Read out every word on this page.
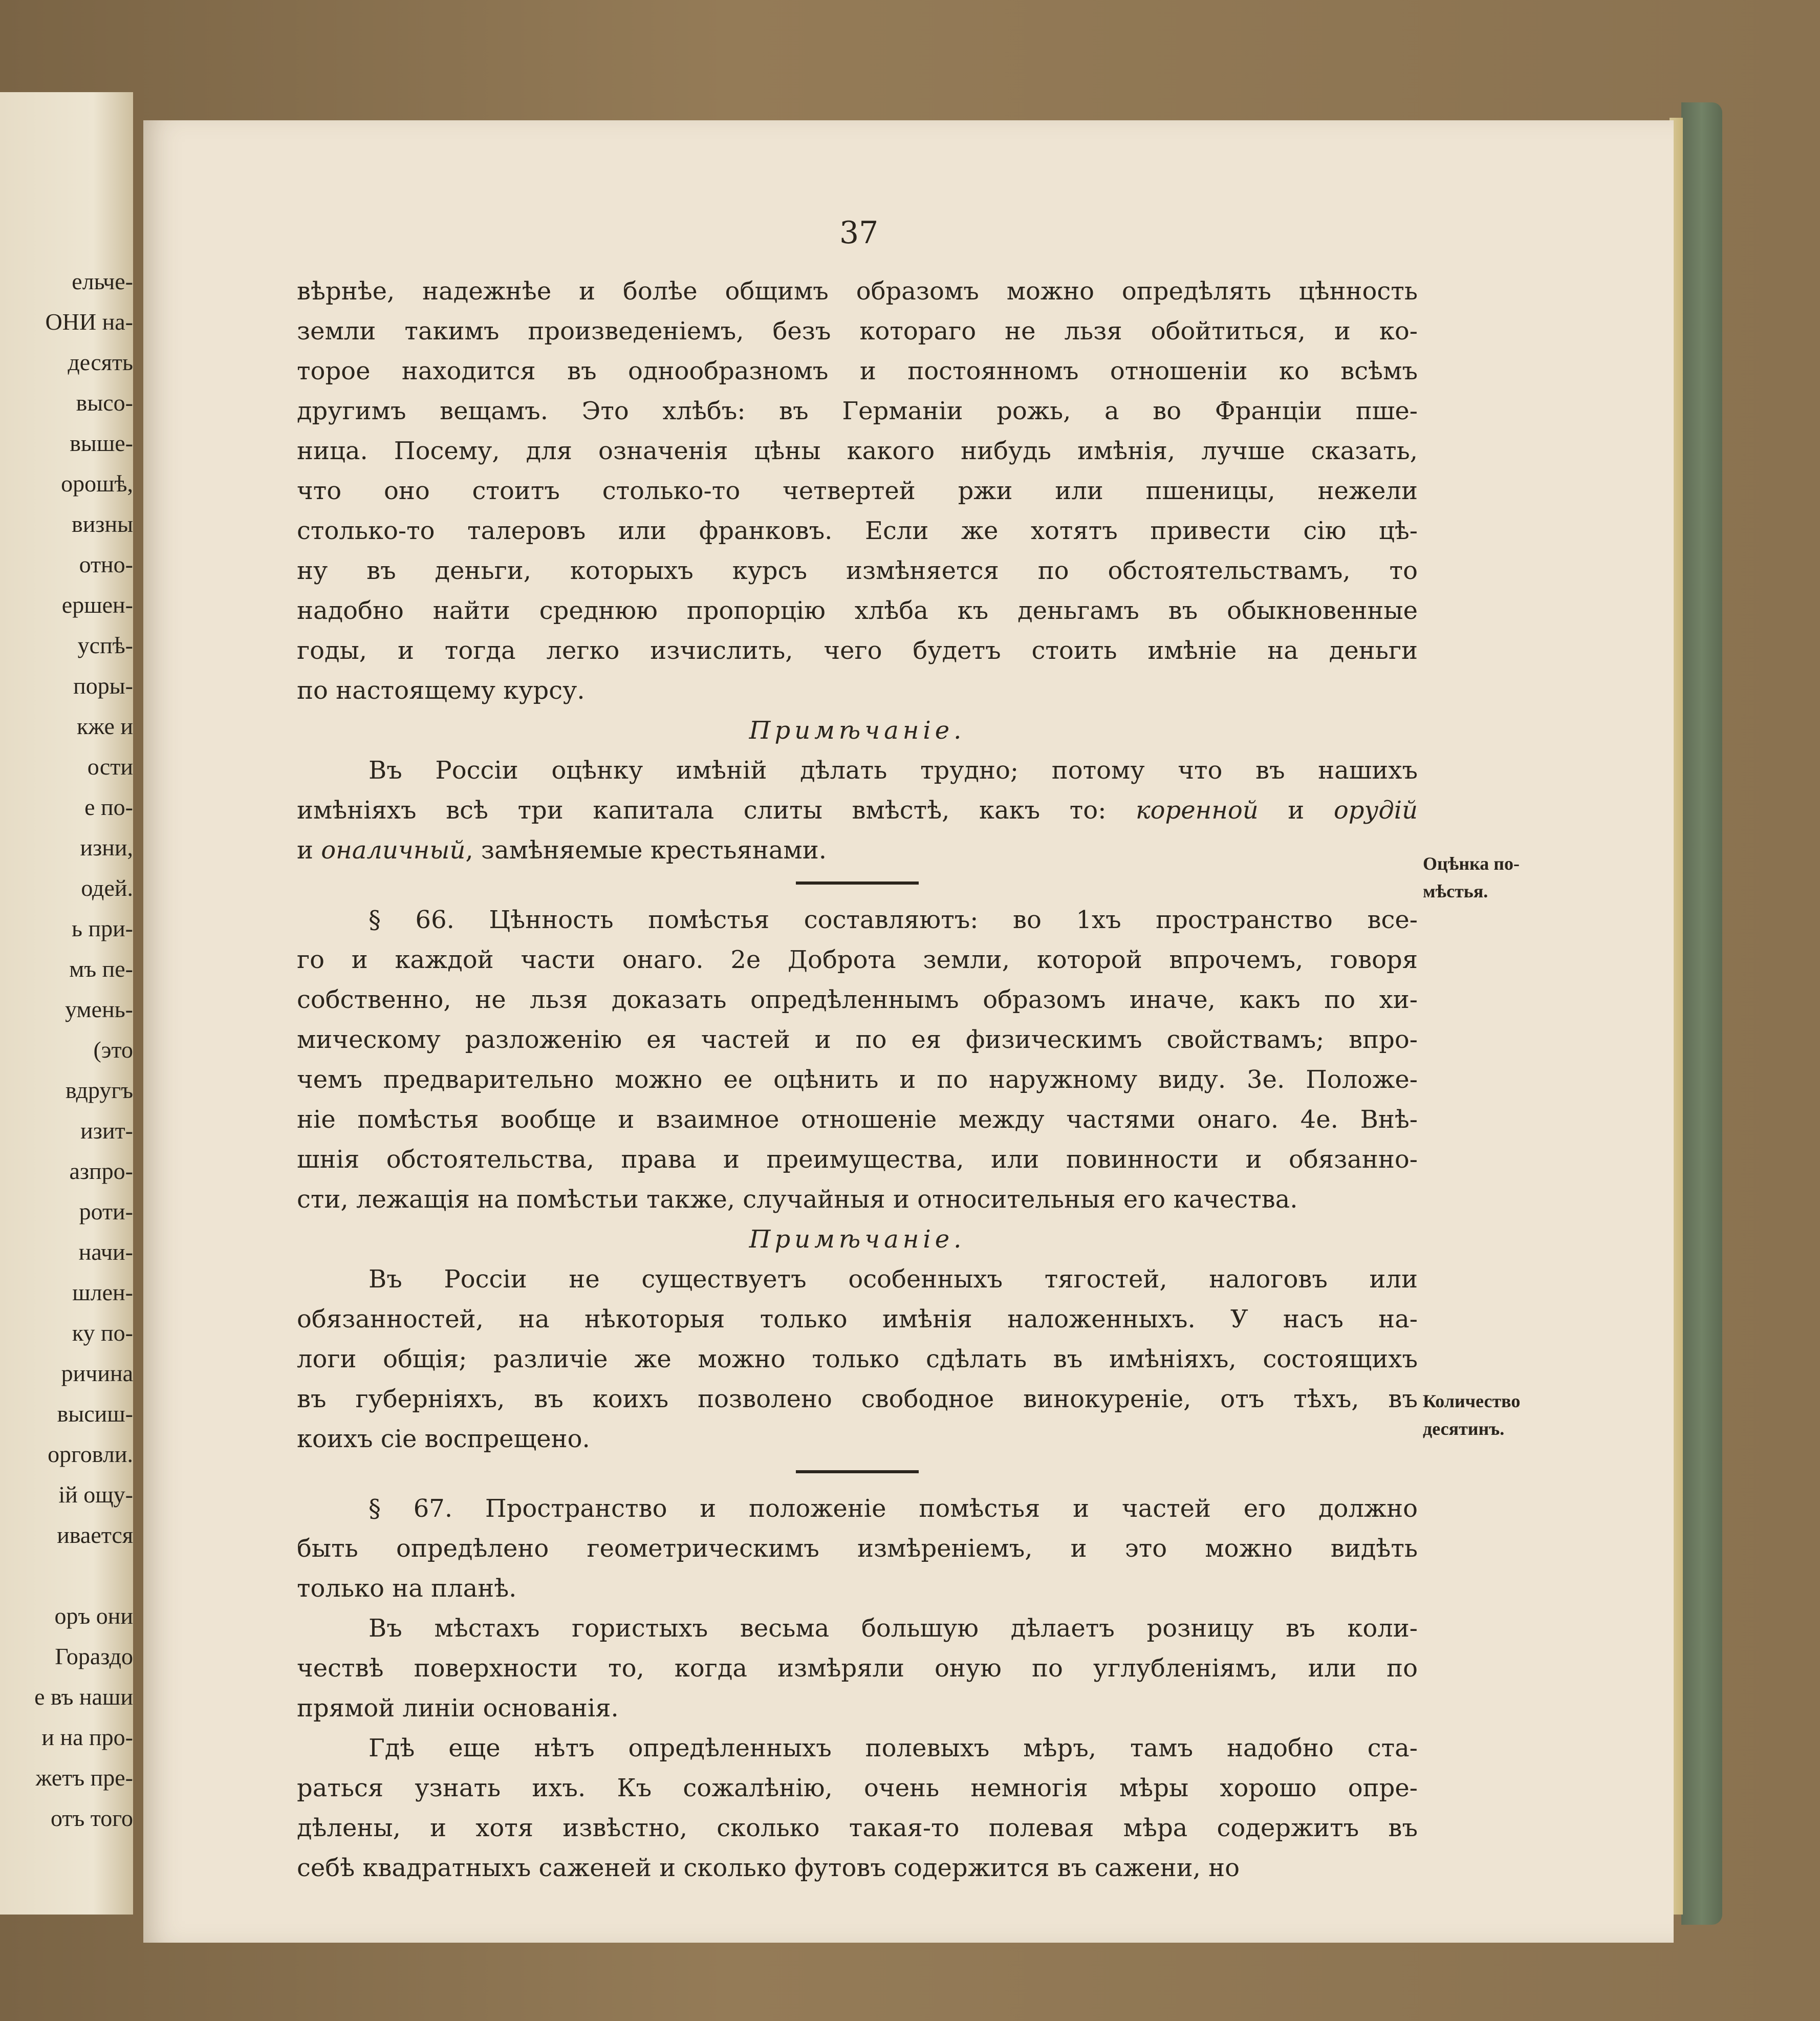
ельче-
ОНИ на-
десять
высо-
выше-
орошѣ,
визны
отно-
ершен-
успѣ-
поры-
кже и
ости
е по-
изни,
одей.
ь при-
мъ пе-
умень-
(это
вдругъ
изит-
азпро-
роти-
начи-
шлен-
ку по-
ричина
высиш-
орговли.
ій ощу-
ивается

оръ они
Гораздо
е въ наши
и на про-
жетъ пре-
отъ того
37
вѣрнѣе, надежнѣе и болѣе общимъ образомъ можно опредѣлять цѣнность
земли такимъ произведеніемъ, безъ котораго не льзя обойтиться, и ко-
торое находится въ однообразномъ и постоянномъ отношеніи ко всѣмъ
другимъ вещамъ. Это хлѣбъ: въ Германіи рожь, а во Франціи пше-
ница. Посему, для означенія цѣны какого нибудь имѣнія, лучше сказать,
что оно стоитъ столько-то четвертей ржи или пшеницы, нежели
столько-то талеровъ или франковъ. Если же хотятъ привести сію цѣ-
ну въ деньги, которыхъ курсъ измѣняется по обстоятельствамъ, то
надобно найти среднюю пропорцію хлѣба къ деньгамъ въ обыкновенные
годы, и тогда легко изчислить, чего будетъ стоить имѣніе на деньги
по настоящему курсу.
Примѣчаніе.
Въ Россіи оцѣнку имѣній дѣлать трудно; потому что въ нашихъ
имѣніяхъ всѣ три капитала слиты вмѣстѣ, какъ то: коренной и орудій
и оналичный, замѣняемые крестьянами.
§ 66. Цѣнность помѣстья составляютъ: во 1хъ пространство все-
го и каждой части онаго. 2е Доброта земли, которой впрочемъ, говоря
собственно, не льзя доказать опредѣленнымъ образомъ иначе, какъ по хи-
мическому разложенію ея частей и по ея физическимъ свойствамъ; впро-
чемъ предварительно можно ее оцѣнить и по наружному виду. 3е. Положе-
ніе помѣстья вообще и взаимное отношеніе между частями онаго. 4е. Внѣ-
шнія обстоятельства, права и преимущества, или повинности и обязанно-
сти, лежащія на помѣстьи также, случайныя и относительныя его качества.
Примѣчаніе.
Въ Россіи не существуетъ особенныхъ тягостей, налоговъ или
обязанностей, на нѣкоторыя только имѣнія наложенныхъ. У насъ на-
логи общія; различіе же можно только сдѣлать въ имѣніяхъ, состоящихъ
въ губерніяхъ, въ коихъ позволено свободное винокуреніе, отъ тѣхъ, въ
коихъ сіе воспрещено.
§ 67. Пространство и положеніе помѣстья и частей его должно
быть опредѣлено геометрическимъ измѣреніемъ, и это можно видѣть
только на планѣ.
Въ мѣстахъ гористыхъ весьма большую дѣлаетъ розницу въ коли-
чествѣ поверхности то, когда измѣряли оную по углубленіямъ, или по
прямой линіи основанія.
Гдѣ еще нѣтъ опредѣленныхъ полевыхъ мѣръ, тамъ надобно ста-
раться узнать ихъ. Къ сожалѣнію, очень немногія мѣры хорошо опре-
дѣлены, и хотя извѣстно, сколько такая-то полевая мѣра содержитъ въ
себѣ квадратныхъ саженей и сколько футовъ содержится въ сажени, но
Оцѣнка по-
мѣстья.
Количество
десятинъ.
